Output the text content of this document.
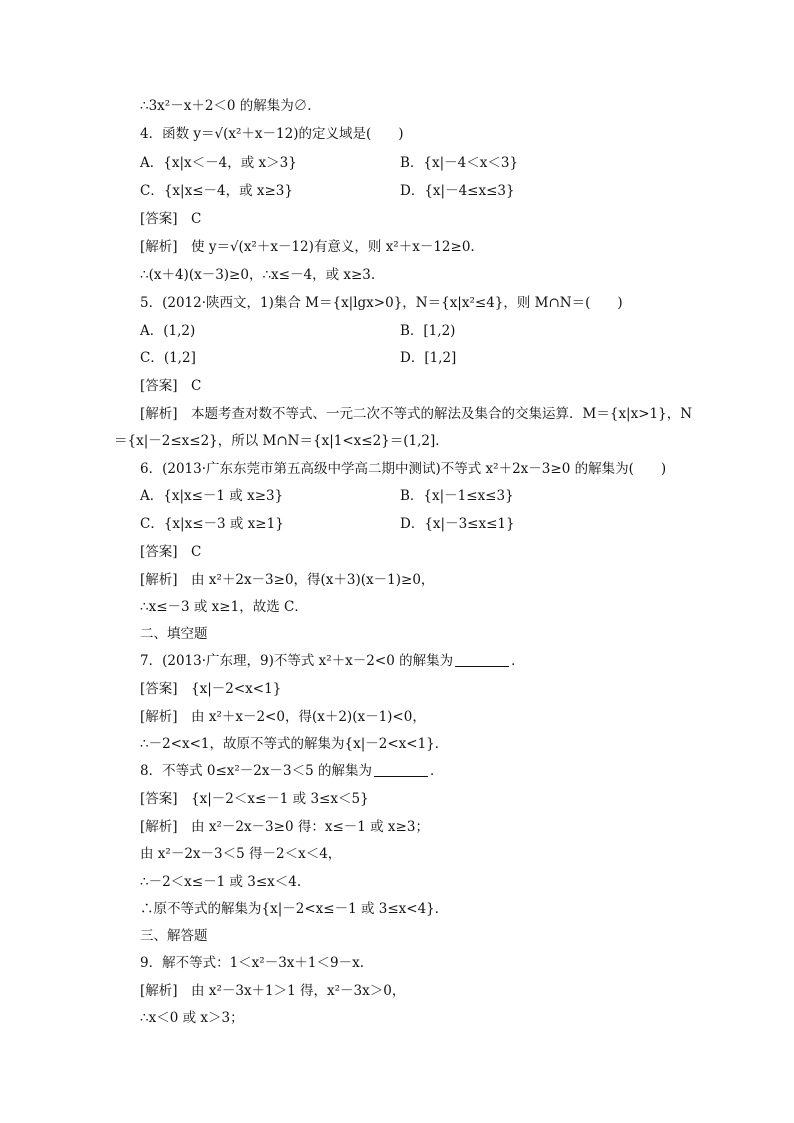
∴3x²－x＋2＜0 的解集为∅.
4．函数 y＝√(x²＋x－12)的定义域是(　　)
A．{x|x＜－4，或 x＞3}	B．{x|－4＜x＜3}
C．{x|x≤－4，或 x≥3}	D．{x|－4≤x≤3}
[答案]　C
[解析]　使 y＝√(x²＋x－12)有意义，则 x²＋x－12≥0.
∴(x＋4)(x－3)≥0，∴x≤－4，或 x≥3.
5．(2012·陕西文，1)集合 M＝{x|lgx>0}，N＝{x|x²≤4}，则 M∩N＝(　　)
A．(1,2)	B．[1,2)
C．(1,2]	D．[1,2]
[答案]　C
[解析]　本题考查对数不等式、一元二次不等式的解法及集合的交集运算．M＝{x|x>1}，N
＝{x|－2≤x≤2}，所以 M∩N＝{x|1<x≤2}＝(1,2]．
6．(2013·广东东莞市第五高级中学高二期中测试)不等式 x²＋2x－3≥0 的解集为(　　)
A．{x|x≤－1 或 x≥3}	B．{x|－1≤x≤3}
C．{x|x≤－3 或 x≥1}	D．{x|－3≤x≤1}
[答案]　C
[解析]　由 x²＋2x－3≥0，得(x＋3)(x－1)≥0，
∴x≤－3 或 x≥1，故选 C．
二、填空题
7．(2013·广东理，9)不等式 x²＋x－2<0 的解集为	．
[答案]　{x|－2<x<1}
[解析]　由 x²＋x－2<0，得(x＋2)(x－1)<0，
∴－2<x<1，故原不等式的解集为{x|－2<x<1}．
8．不等式 0≤x²－2x－3＜5 的解集为	．
[答案]　{x|－2＜x≤－1 或 3≤x＜5}
[解析]　由 x²－2x－3≥0 得：x≤－1 或 x≥3；
由 x²－2x－3＜5 得－2＜x＜4，
∴－2＜x≤－1 或 3≤x＜4.
∴原不等式的解集为{x|－2<x≤－1 或 3≤x<4}．
三、解答题
9．解不等式：1＜x²－3x＋1＜9－x.
[解析]　由 x²－3x＋1＞1 得，x²－3x＞0，
∴x＜0 或 x＞3；
